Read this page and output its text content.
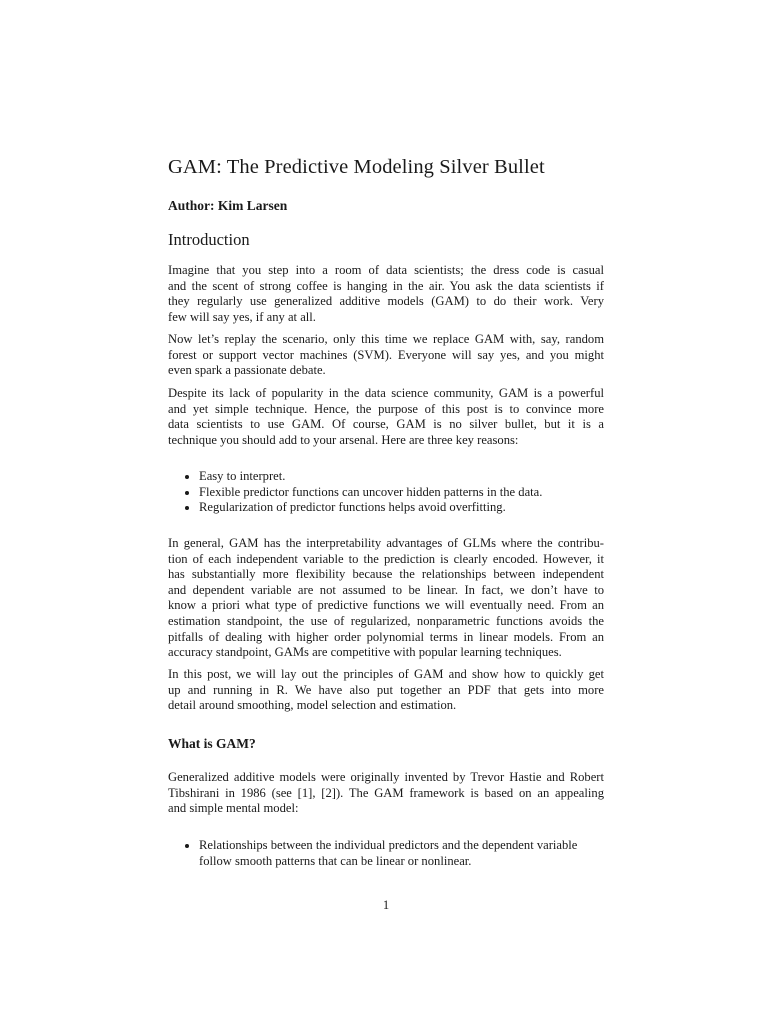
GAM: The Predictive Modeling Silver Bullet

Author: Kim Larsen

Introduction
Imagine that you step into a room of data scientists; the dress code is casual
and the scent of strong coffee is hanging in the air. You ask the data scientists if
they regularly use generalized additive models (GAM) to do their work. Very
few will say yes, if any at all.
Now let’s replay the scenario, only this time we replace GAM with, say, random
forest or support vector machines (SVM). Everyone will say yes, and you might
even spark a passionate debate.
Despite its lack of popularity in the data science community, GAM is a powerful
and yet simple technique. Hence, the purpose of this post is to convince more
data scientists to use GAM. Of course, GAM is no silver bullet, but it is a
technique you should add to your arsenal. Here are three key reasons:
Easy to interpret.
Flexible predictor functions can uncover hidden patterns in the data.
Regularization of predictor functions helps avoid overfitting.
In general, GAM has the interpretability advantages of GLMs where the contribu-
tion of each independent variable to the prediction is clearly encoded. However, it
has substantially more flexibility because the relationships between independent
and dependent variable are not assumed to be linear. In fact, we don’t have to
know a priori what type of predictive functions we will eventually need. From an
estimation standpoint, the use of regularized, nonparametric functions avoids the
pitfalls of dealing with higher order polynomial terms in linear models. From an
accuracy standpoint, GAMs are competitive with popular learning techniques.
In this post, we will lay out the principles of GAM and show how to quickly get
up and running in R. We have also put together an PDF that gets into more
detail around smoothing, model selection and estimation.
What is GAM?
Generalized additive models were originally invented by Trevor Hastie and Robert
Tibshirani in 1986 (see [1], [2]). The GAM framework is based on an appealing
and simple mental model:
Relationships between the individual predictors and the dependent variable
follow smooth patterns that can be linear or nonlinear.
1
